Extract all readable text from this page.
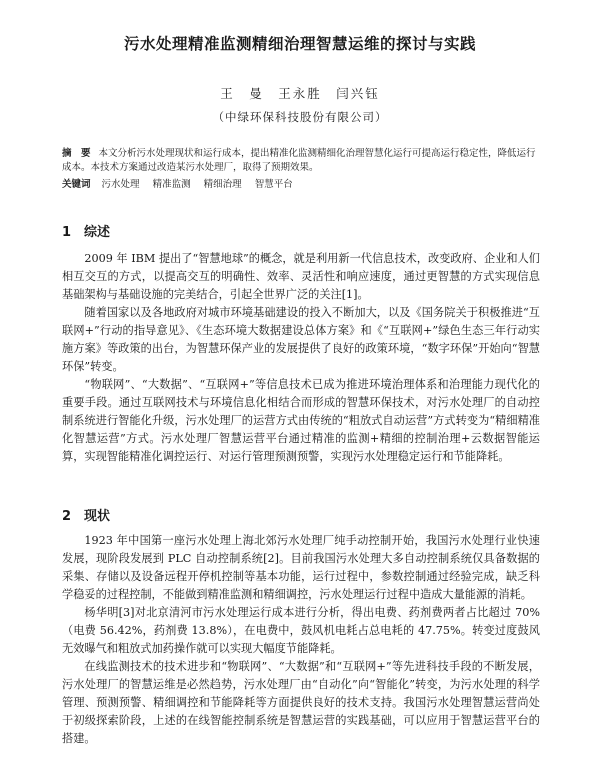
污水处理精准监测精细治理智慧运维的探讨与实践
王　曼　王永胜　闫兴钰
（中绿环保科技股份有限公司）
摘　要 本文分析污水处理现状和运行成本，提出精准化监测精细化治理智慧化运行可提高运行稳定性，降低运行成本。本技术方案通过改造某污水处理厂，取得了预期效果。
关键词 污水处理 精准监测 精细治理 智慧平台
1 综述

2009 年 IBM 提出了“智慧地球”的概念，就是利用新一代信息技术，改变政府、企业和人们相互交互的方式，以提高交互的明确性、效率、灵活性和响应速度，通过更智慧的方式实现信息基础架构与基础设施的完美结合，引起全世界广泛的关注[1]。

随着国家以及各地政府对城市环境基础建设的投入不断加大，以及《国务院关于积极推进“互联网+”行动的指导意见》、《生态环境大数据建设总体方案》和《“互联网+”绿色生态三年行动实施方案》等政策的出台，为智慧环保产业的发展提供了良好的政策环境，“数字环保”开始向“智慧环保”转变。

“物联网”、“大数据”、“互联网+”等信息技术已成为推进环境治理体系和治理能力现代化的重要手段。通过互联网技术与环境信息化相结合而形成的智慧环保技术，对污水处理厂的自动控制系统进行智能化升级，污水处理厂的运营方式由传统的“粗放式自动运营”方式转变为“精细精准化智慧运营”方式。污水处理厂智慧运营平台通过精准的监测+精细的控制治理+云数据智能运算，实现智能精准化调控运行、对运行管理预测预警，实现污水处理稳定运行和节能降耗。

2 现状

1923 年中国第一座污水处理上海北郊污水处理厂纯手动控制开始，我国污水处理行业快速发展，现阶段发展到 PLC 自动控制系统[2]。目前我国污水处理大多自动控制系统仅具备数据的采集、存储以及设备远程开停机控制等基本功能，运行过程中，参数控制通过经验完成，缺乏科学稳妥的过程控制，不能做到精准监测和精细调控，污水处理运行过程中造成大量能源的消耗。

杨华明[3]对北京清河市污水处理运行成本进行分析，得出电费、药剂费两者占比超过 70%（电费 56.42%，药剂费 13.8%），在电费中，鼓风机电耗占总电耗的 47.75%。转变过度鼓风无效曝气和粗放式加药操作就可以实现大幅度节能降耗。

在线监测技术的技术进步和“物联网”、“大数据”和“互联网+”等先进科技手段的不断发展，污水处理厂的智慧运维是必然趋势，污水处理厂由“自动化”向“智能化”转变，为污水处理的科学管理、预测预警、精细调控和节能降耗等方面提供良好的技术支持。我国污水处理智慧运营尚处于初级探索阶段，上述的在线智能控制系统是智慧运营的实践基础，可以应用于智慧运营平台的搭建。
